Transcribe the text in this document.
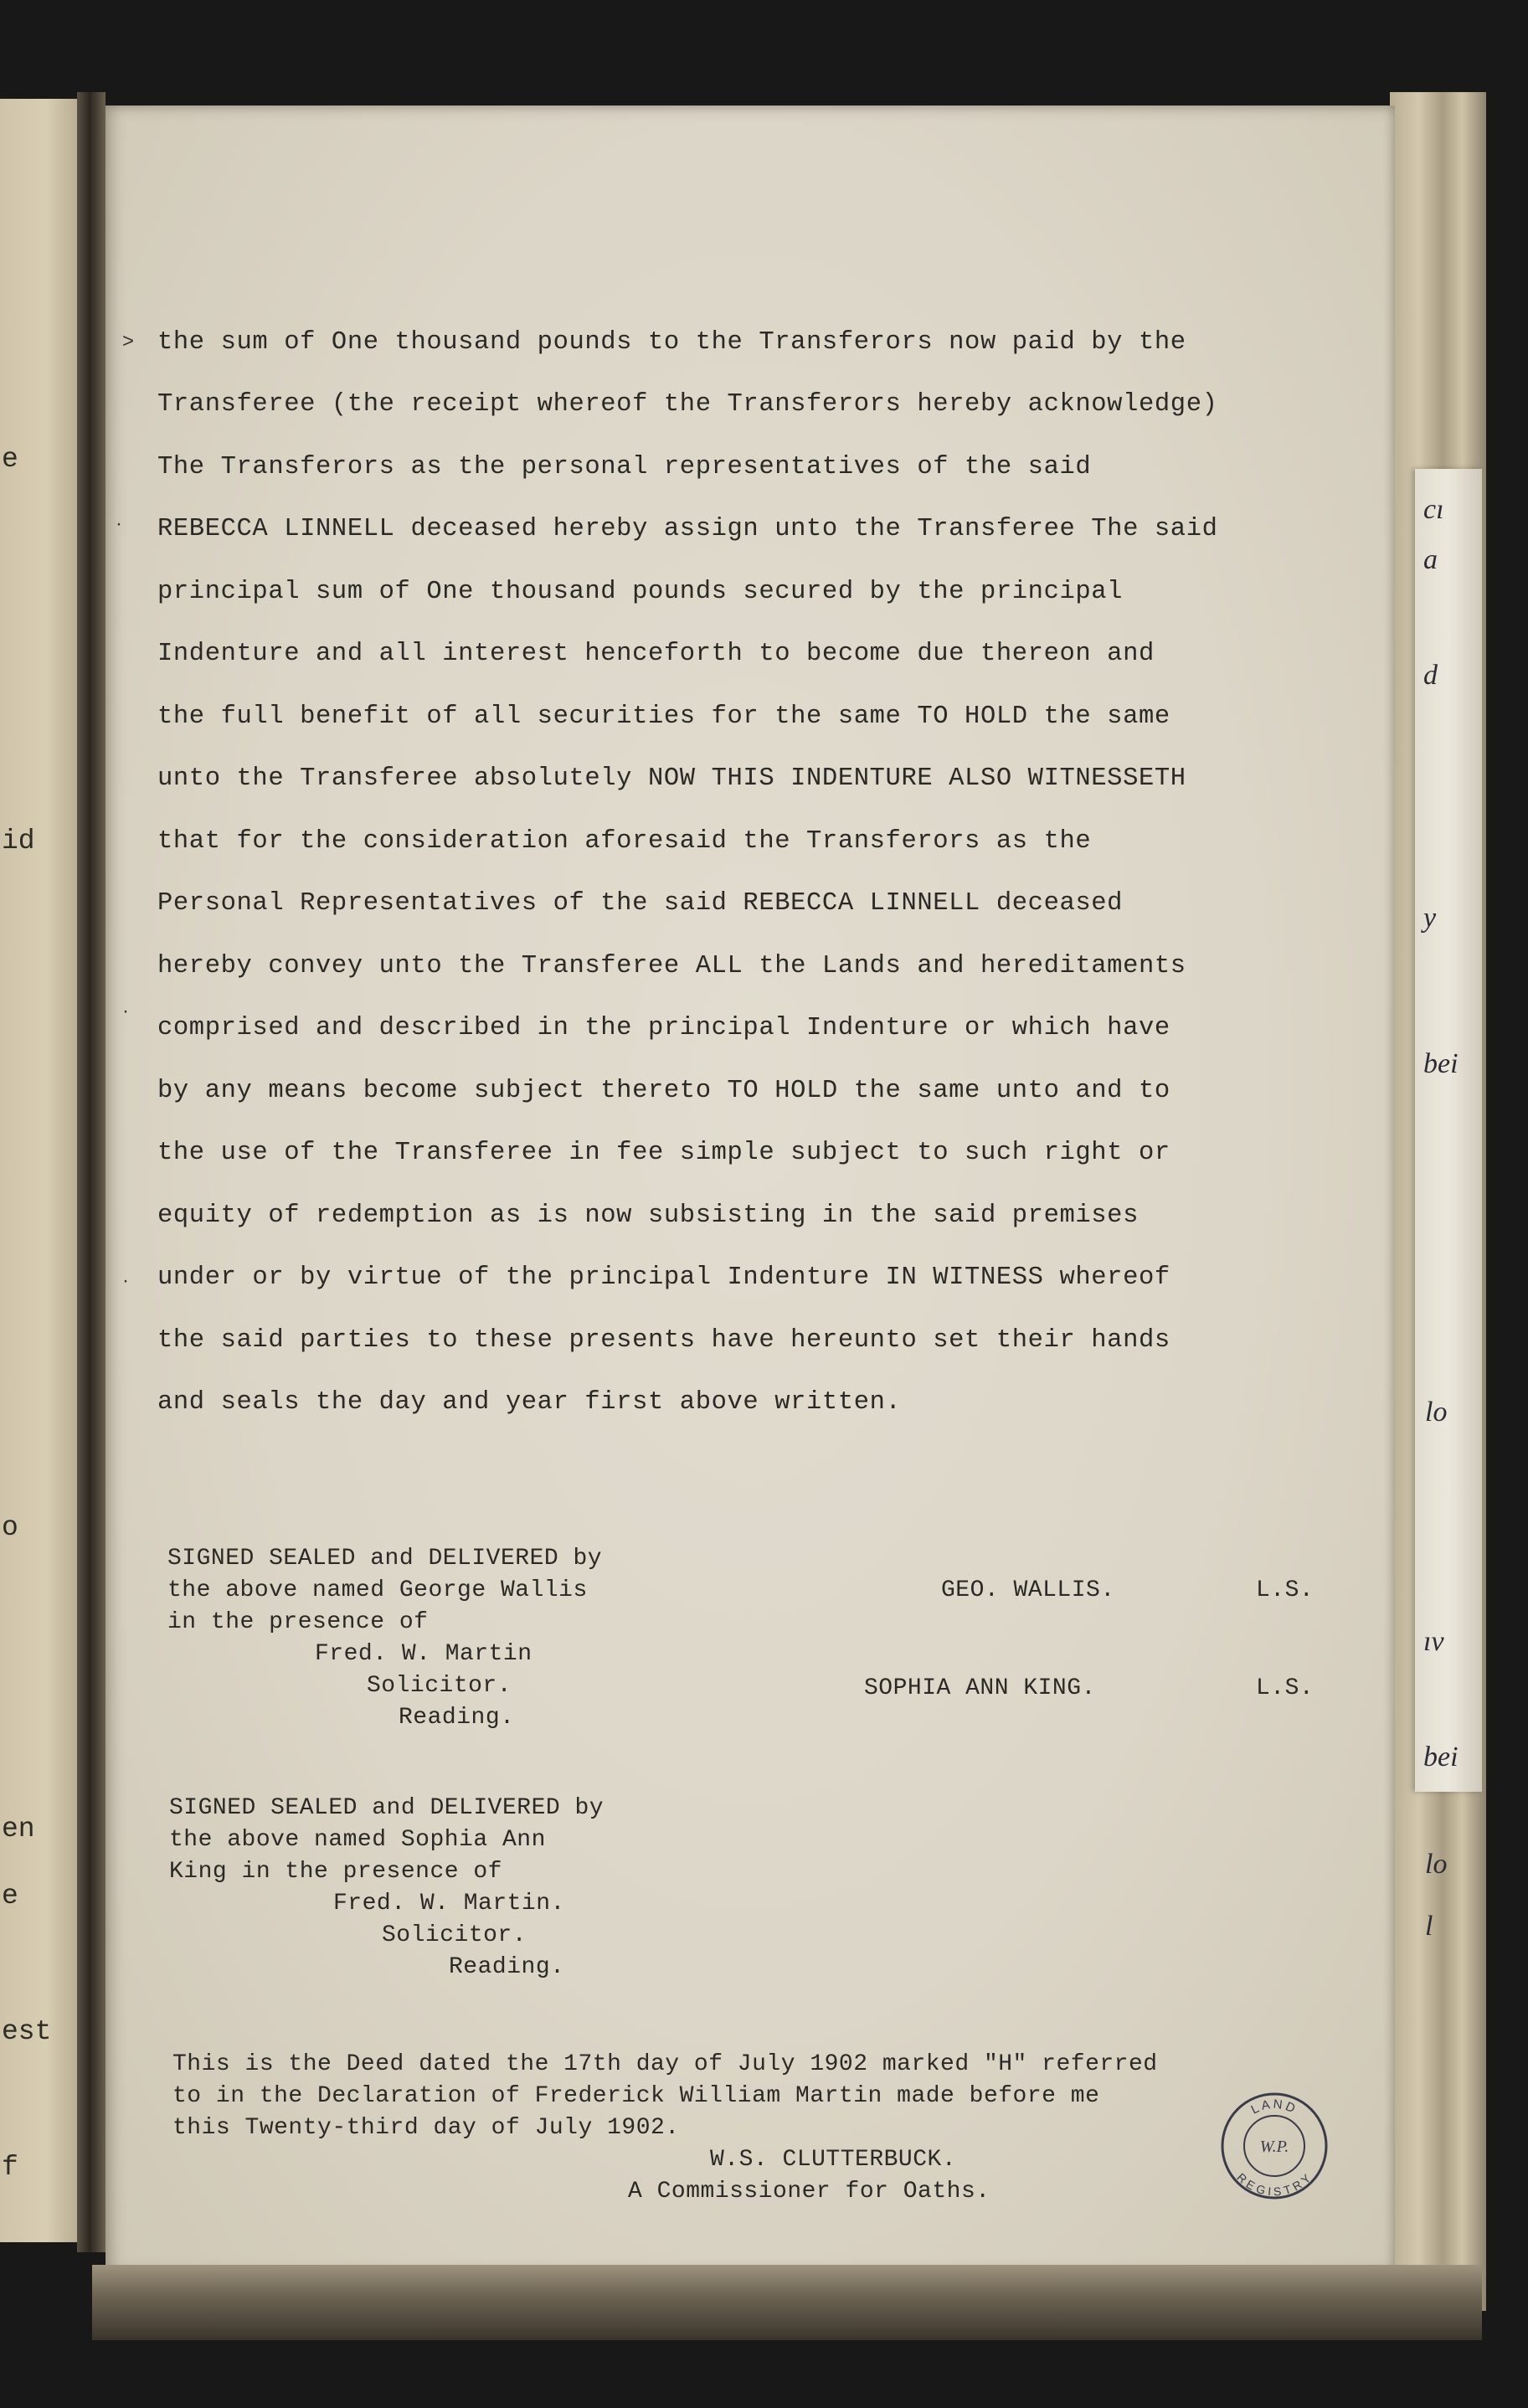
e
id
o
en
e
est
f
cı
a
d
y
bei
lo
ıv
bei
lo
l
˃
·
·
·
the sum of One thousand pounds to the Transferors now paid by the
Transferee (the receipt whereof the Transferors hereby acknowledge)
The Transferors as the personal representatives of the said
REBECCA LINNELL deceased hereby assign unto the Transferee The said
principal sum of One thousand pounds secured by the principal
Indenture and all interest henceforth to become due thereon and
the full benefit of all securities for the same TO HOLD the same
unto the Transferee absolutely NOW THIS INDENTURE ALSO WITNESSETH
that for the consideration aforesaid the Transferors as the
Personal Representatives of the said REBECCA LINNELL deceased
hereby convey unto the Transferee ALL the Lands and hereditaments
comprised and described in the principal Indenture or which have
by any means become subject thereto TO HOLD the same unto and to
the use of the Transferee in fee simple subject to such right or
equity of redemption as is now subsisting in the said premises
under or by virtue of the principal Indenture IN WITNESS whereof
the said parties to these presents have hereunto set their hands
and seals the day and year first above written.
SIGNED SEALED and DELIVERED by
the above named George Wallis
in the presence of
Fred. W. Martin
Solicitor.
Reading.
GEO. WALLIS.	L.S.
SOPHIA ANN KING.	L.S.
SIGNED SEALED and DELIVERED by
the above named Sophia Ann
King in the presence of
Fred. W. Martin.
Solicitor.
Reading.
This is the Deed dated the 17th day of July 1902 marked "H" referred
to in the Declaration of Frederick William Martin made before me
this Twenty-third day of July 1902.
W.S. CLUTTERBUCK.
A Commissioner for Oaths.
LAND
REGISTRY
W.P.
